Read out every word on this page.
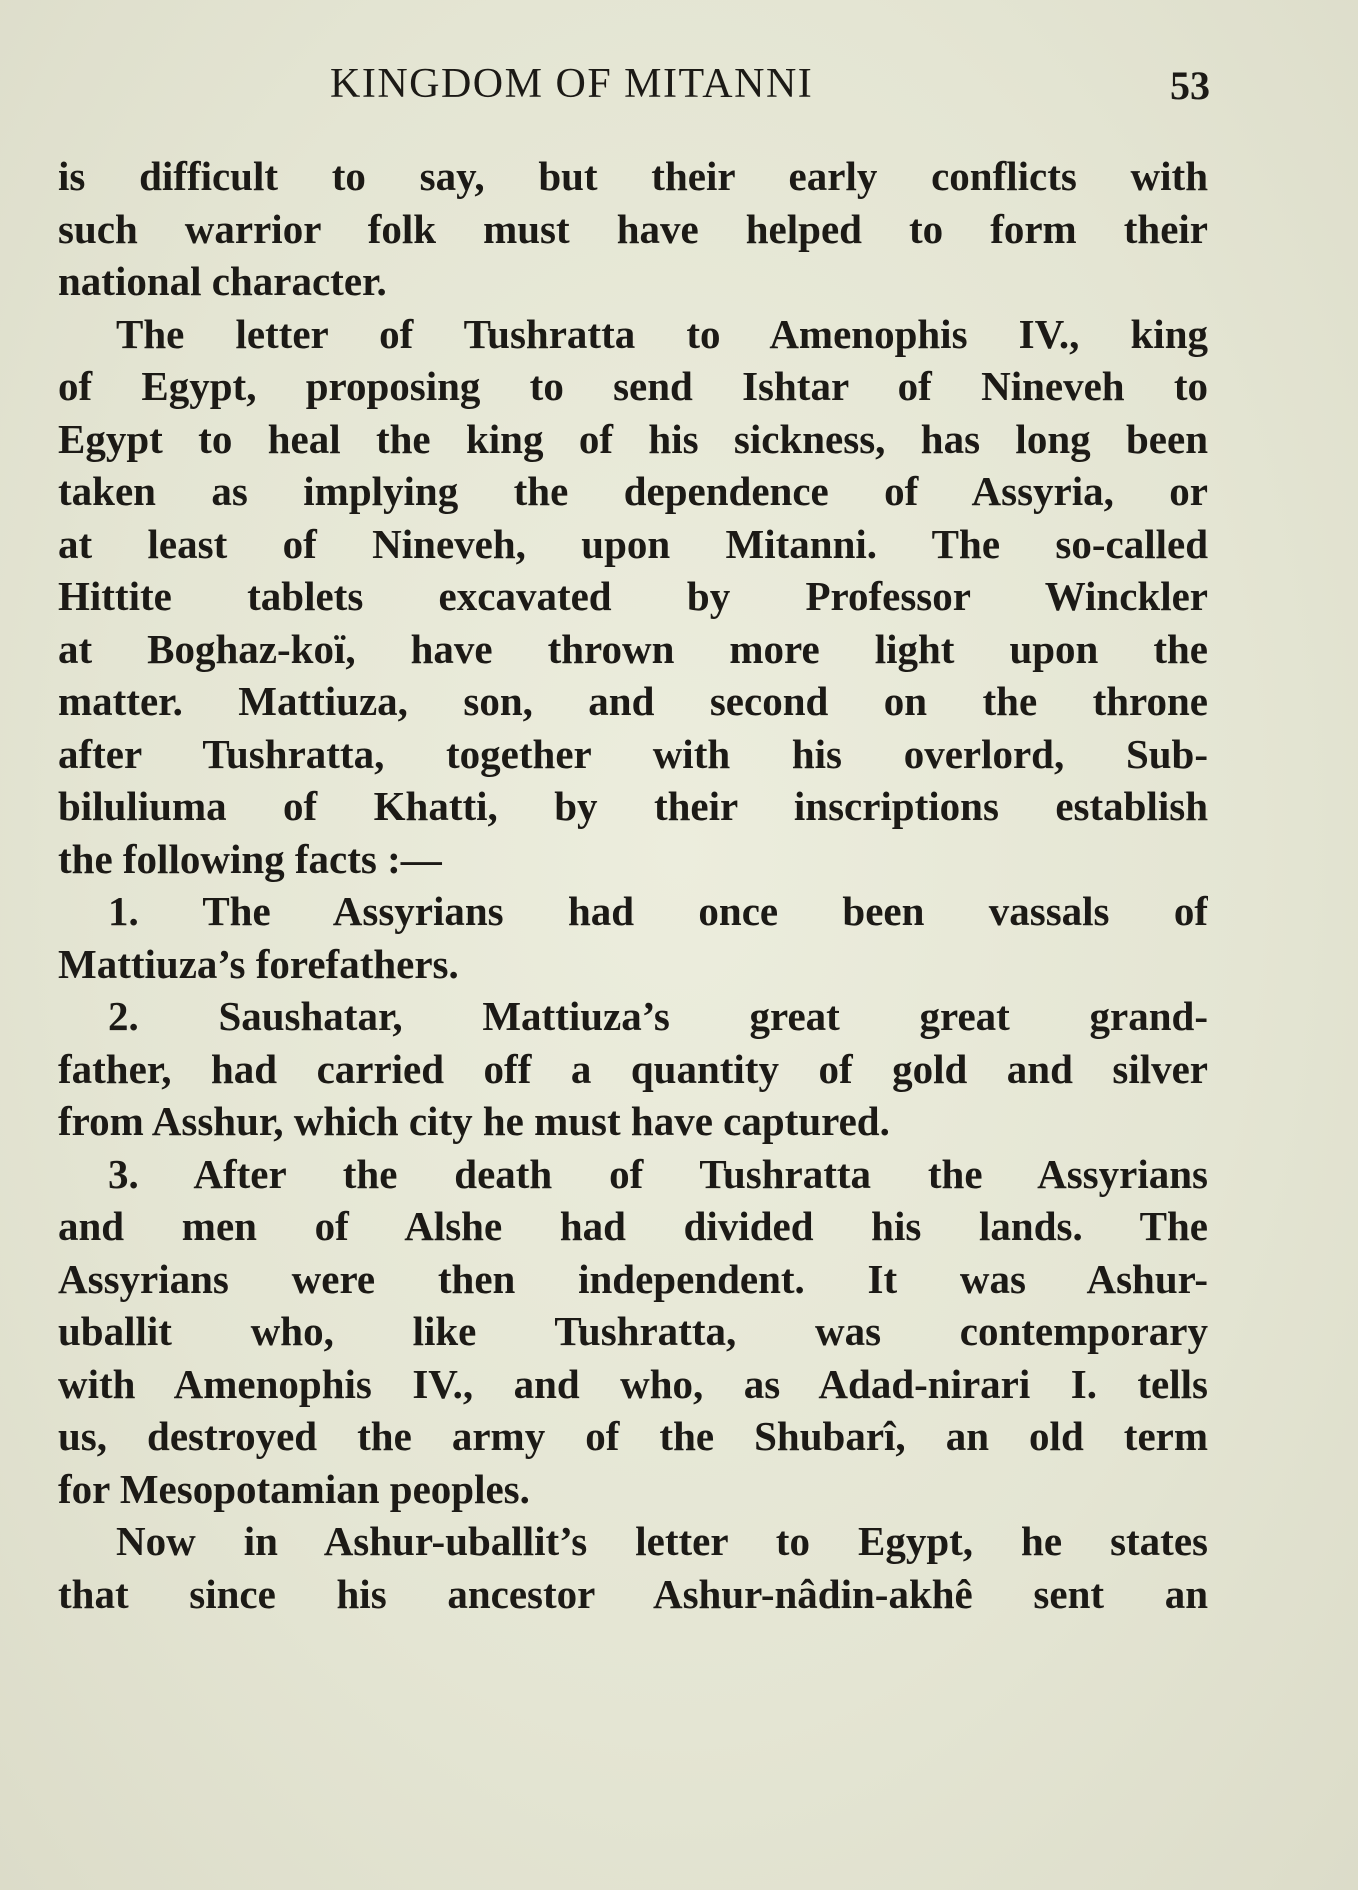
KINGDOM OF MITANNI	53
is difficult to say, but their early conflicts with
such warrior folk must have helped to form their
national character.
The letter of Tushratta to Amenophis IV., king
of Egypt, proposing to send Ishtar of Nineveh to
Egypt to heal the king of his sickness, has long been
taken as implying the dependence of Assyria, or
at least of Nineveh, upon Mitanni. The so-called
Hittite tablets excavated by Professor Winckler
at Boghaz-koï, have thrown more light upon the
matter. Mattiuza, son, and second on the throne
after Tushratta, together with his overlord, Sub-
biluliuma of Khatti, by their inscriptions establish
the following facts :—
1. The Assyrians had once been vassals of
Mattiuza’s forefathers.
2. Saushatar, Mattiuza’s great great grand-
father, had carried off a quantity of gold and silver
from Asshur, which city he must have captured.
3. After the death of Tushratta the Assyrians
and men of Alshe had divided his lands. The
Assyrians were then independent. It was Ashur-
uballit who, like Tushratta, was contemporary
with Amenophis IV., and who, as Adad-nirari I. tells
us, destroyed the army of the Shubarî, an old term
for Mesopotamian peoples.
Now in Ashur-uballit’s letter to Egypt, he states
that since his ancestor Ashur-nâdin-akhê sent an
